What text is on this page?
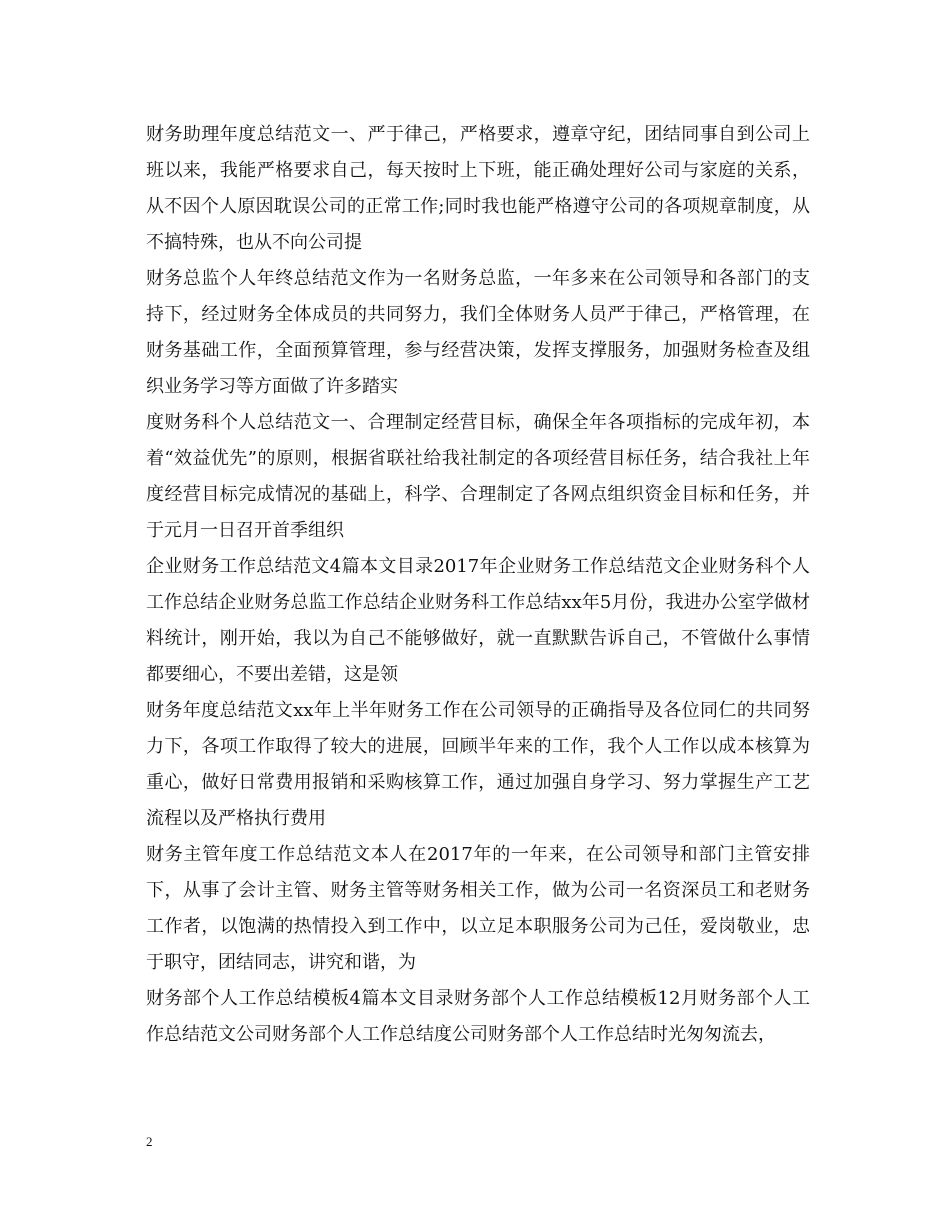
财务助理年度总结范文一、严于律己，严格要求，遵章守纪，团结同事自到公司上班以来，我能严格要求自己，每天按时上下班，能正确处理好公司与家庭的关系，从不因个人原因耽误公司的正常工作;同时我也能严格遵守公司的各项规章制度，从不搞特殊，也从不向公司提

财务总监个人年终总结范文作为一名财务总监，一年多来在公司领导和各部门的支持下，经过财务全体成员的共同努力，我们全体财务人员严于律己，严格管理，在财务基础工作，全面预算管理，参与经营决策，发挥支撑服务，加强财务检查及组织业务学习等方面做了许多踏实

度财务科个人总结范文一、合理制定经营目标，确保全年各项指标的完成年初，本着“效益优先”的原则，根据省联社给我社制定的各项经营目标任务，结合我社上年度经营目标完成情况的基础上，科学、合理制定了各网点组织资金目标和任务，并于元月一日召开首季组织

企业财务工作总结范文4篇本文目录2017年企业财务工作总结范文企业财务科个人工作总结企业财务总监工作总结企业财务科工作总结xx年5月份，我进办公室学做材料统计，刚开始，我以为自己不能够做好，就一直默默告诉自己，不管做什么事情都要细心，不要出差错，这是领

财务年度总结范文xx年上半年财务工作在公司领导的正确指导及各位同仁的共同努力下，各项工作取得了较大的进展，回顾半年来的工作，我个人工作以成本核算为重心，做好日常费用报销和采购核算工作，通过加强自身学习、努力掌握生产工艺流程以及严格执行费用

财务主管年度工作总结范文本人在2017年的一年来，在公司领导和部门主管安排下，从事了会计主管、财务主管等财务相关工作，做为公司一名资深员工和老财务工作者，以饱满的热情投入到工作中，以立足本职服务公司为己任，爱岗敬业，忠于职守，团结同志，讲究和谐，为

财务部个人工作总结模板4篇本文目录财务部个人工作总结模板12月财务部个人工作总结范文公司财务部个人工作总结度公司财务部个人工作总结时光匆匆流去，

2
